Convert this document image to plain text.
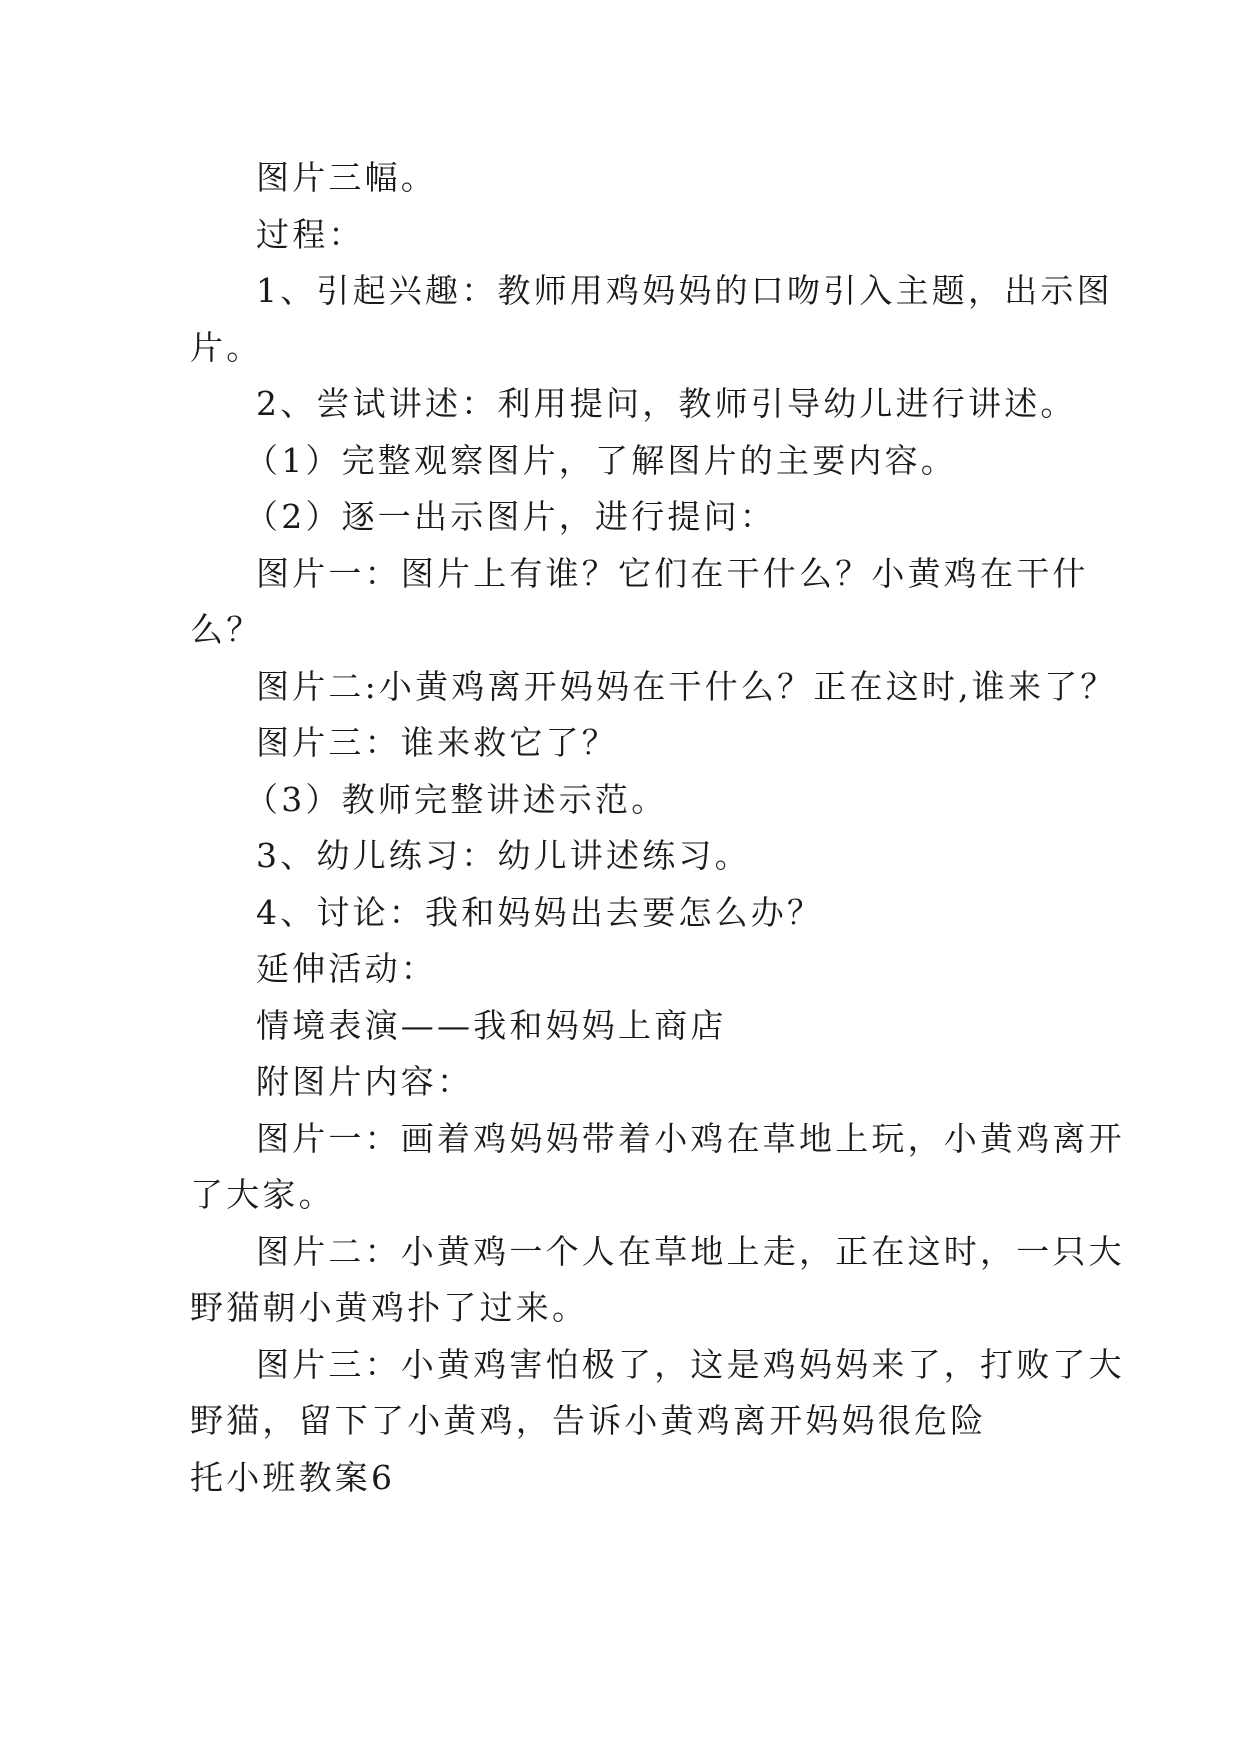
图片三幅。

过程：

1、引起兴趣：教师用鸡妈妈的口吻引入主题，出示图

片。

2、尝试讲述：利用提问，教师引导幼儿进行讲述。

（1）完整观察图片，了解图片的主要内容。

（2）逐一出示图片，进行提问：

图片一：图片上有谁？它们在干什么？小黄鸡在干什

么？

图片二:小黄鸡离开妈妈在干什么？正在这时,谁来了？

图片三：谁来救它了？

（3）教师完整讲述示范。

3、幼儿练习：幼儿讲述练习。

4、讨论：我和妈妈出去要怎么办？

延伸活动：

情境表演——我和妈妈上商店

附图片内容：

图片一：画着鸡妈妈带着小鸡在草地上玩，小黄鸡离开

了大家。

图片二：小黄鸡一个人在草地上走，正在这时，一只大

野猫朝小黄鸡扑了过来。

图片三：小黄鸡害怕极了，这是鸡妈妈来了，打败了大

野猫，留下了小黄鸡，告诉小黄鸡离开妈妈很危险

托小班教案6
